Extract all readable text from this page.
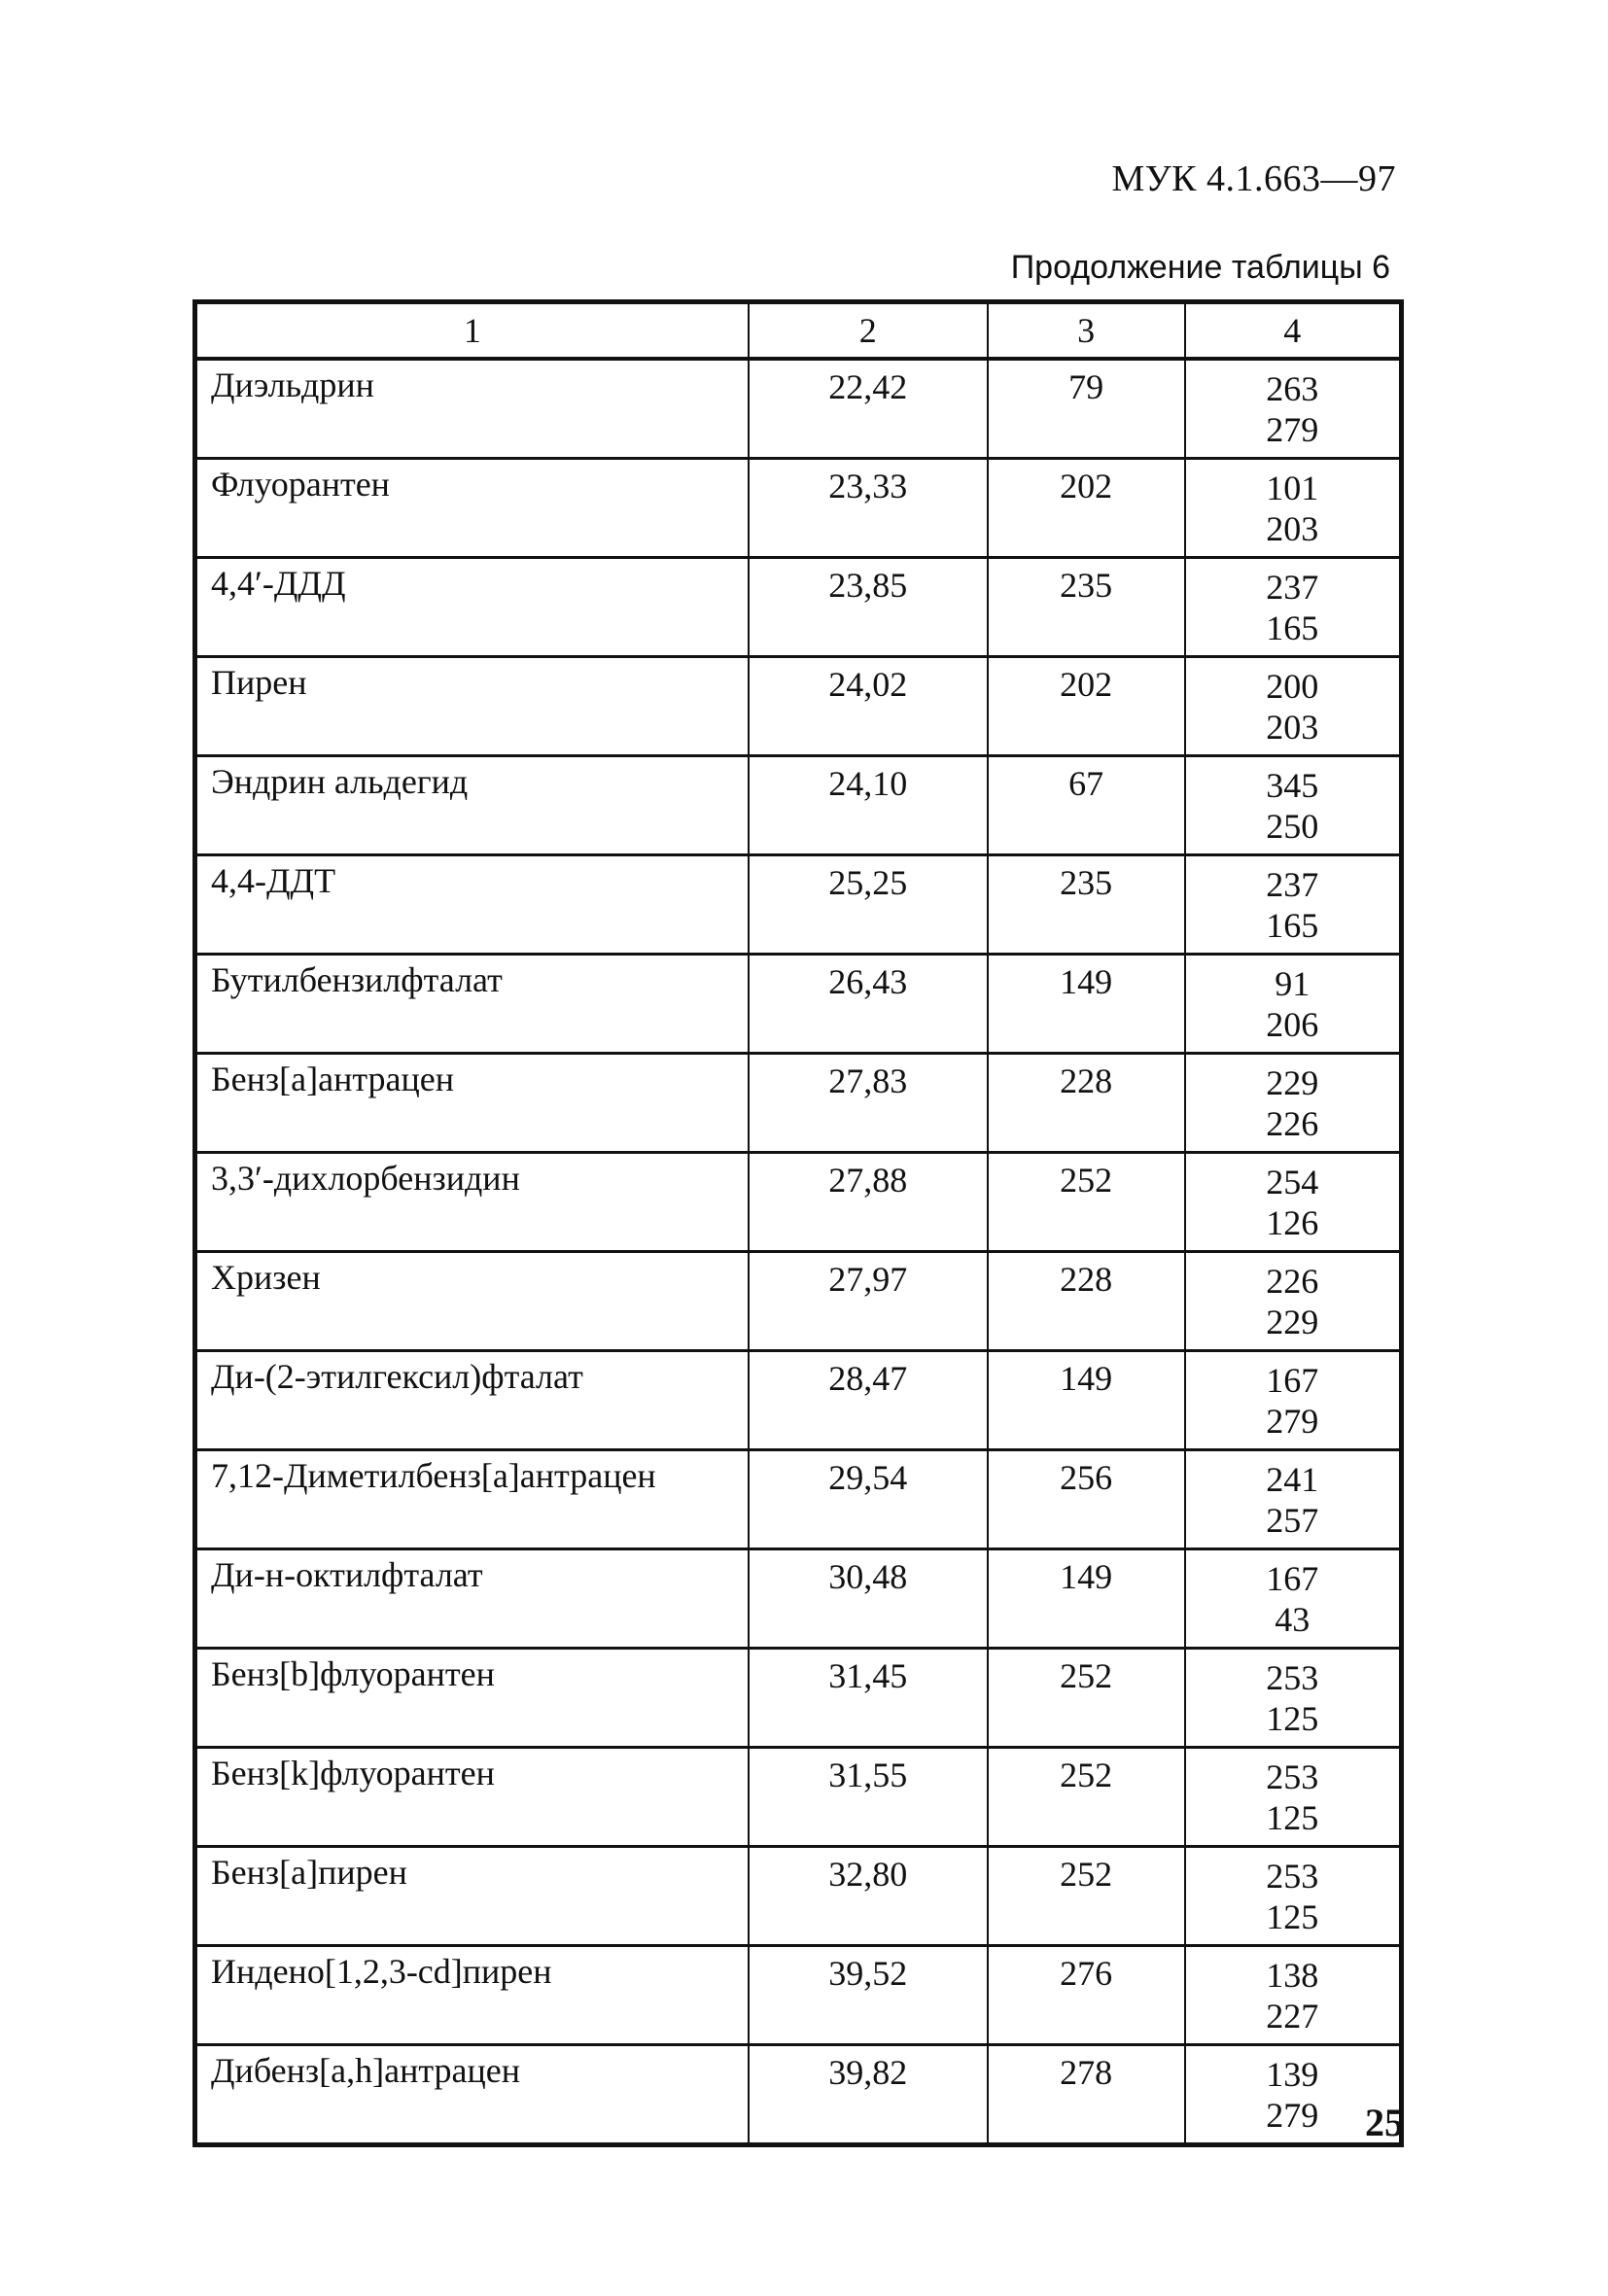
МУК 4.1.663—97
Продолжение таблицы 6
1	2	3	4
Диэльдрин	22,42	79	263
279

Флуорантен	23,33	202	101
203

4,4′-ДДД	23,85	235	237
165

Пирен	24,02	202	200
203

Эндрин альдегид	24,10	67	345
250

4,4-ДДТ	25,25	235	237
165

Бутилбензилфталат	26,43	149	91
206

Бенз[а]антрацен	27,83	228	229
226

3,3′-дихлорбензидин	27,88	252	254
126

Хризен	27,97	228	226
229

Ди-(2-этилгексил)фталат	28,47	149	167
279

7,12-Диметилбенз[а]антрацен	29,54	256	241
257

Ди-н-октилфталат	30,48	149	167
43

Бенз[b]флуорантен	31,45	252	253
125

Бенз[k]флуорантен	31,55	252	253
125

Бенз[а]пирен	32,80	252	253
125

Индено[1,2,3-cd]пирен	39,52	276	138
227

Дибенз[a,h]антрацен	39,82	278	139
279	25
